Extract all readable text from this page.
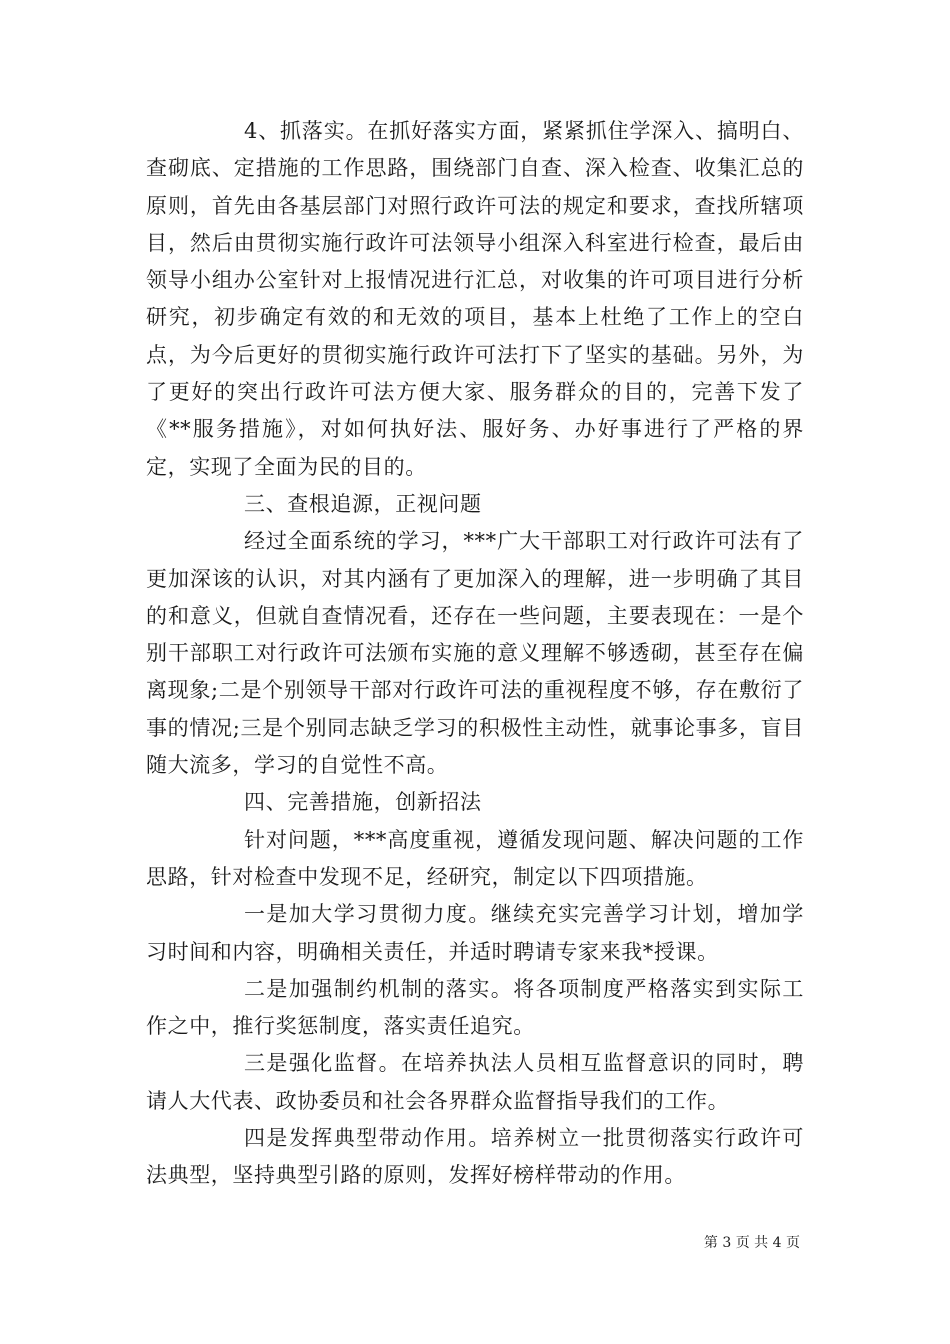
4、抓落实。在抓好落实方面，紧紧抓住学深入、搞明白、查砌底、定措施的工作思路，围绕部门自查、深入检查、收集汇总的原则，首先由各基层部门对照行政许可法的规定和要求，查找所辖项目，然后由贯彻实施行政许可法领导小组深入科室进行检查，最后由领导小组办公室针对上报情况进行汇总，对收集的许可项目进行分析研究，初步确定有效的和无效的项目，基本上杜绝了工作上的空白点，为今后更好的贯彻实施行政许可法打下了坚实的基础。另外，为了更好的突出行政许可法方便大家、服务群众的目的，完善下发了《**服务措施》，对如何执好法、服好务、办好事进行了严格的界定，实现了全面为民的目的。

三、查根追源，正视问题

经过全面系统的学习，***广大干部职工对行政许可法有了更加深该的认识，对其内涵有了更加深入的理解，进一步明确了其目的和意义，但就自查情况看，还存在一些问题，主要表现在：一是个别干部职工对行政许可法颁布实施的意义理解不够透砌，甚至存在偏离现象;二是个别领导干部对行政许可法的重视程度不够，存在敷衍了事的情况;三是个别同志缺乏学习的积极性主动性，就事论事多，盲目随大流多，学习的自觉性不高。

四、完善措施，创新招法

针对问题，***高度重视，遵循发现问题、解决问题的工作思路，针对检查中发现不足，经研究，制定以下四项措施。

一是加大学习贯彻力度。继续充实完善学习计划，增加学习时间和内容，明确相关责任，并适时聘请专家来我*授课。

二是加强制约机制的落实。将各项制度严格落实到实际工作之中，推行奖惩制度，落实责任追究。

三是强化监督。在培养执法人员相互监督意识的同时，聘请人大代表、政协委员和社会各界群众监督指导我们的工作。

四是发挥典型带动作用。培养树立一批贯彻落实行政许可法典型，坚持典型引路的原则，发挥好榜样带动的作用。

第 3 页 共 4 页
